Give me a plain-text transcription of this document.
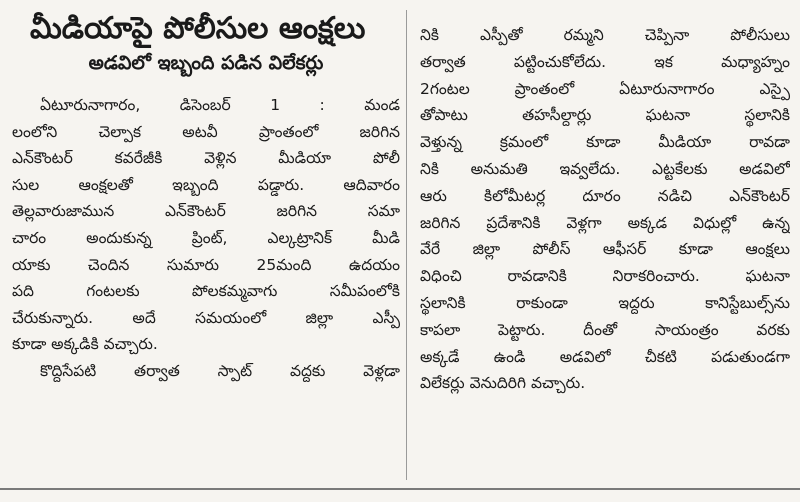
మీడియాపై పోలీసుల ఆంక్షలు
అడవిలో ఇబ్బంది పడిన విలేకర్లు
ఏటూరునాగారం, డిసెంబర్ 1 : మండ
లంలోని చెల్పాక అటవీ ప్రాంతంలో జరిగిన
ఎన్‌కౌంటర్ కవరేజీకి వెళ్లిన మీడియా పోలీ
సుల ఆంక్షలతో ఇబ్బంది పడ్డారు. ఆదివారం
తెల్లవారుజామున ఎన్‌కౌంటర్ జరిగిన సమా
చారం అందుకున్న ప్రింట్, ఎల్కట్రానిక్ మీడి
యాకు చెందిన సుమారు 25మంది ఉదయం
పది గంటలకు పోలకమ్మవాగు సమీపంలోకి
చేరుకున్నారు. అదే సమయంలో జిల్లా ఎస్పీ
కూడా అక్కడికి వచ్చారు.
కొద్దిసేపటి తర్వాత స్పాట్ వద్దకు వెళ్లడా
నికి ఎస్పీతో రమ్మని చెప్పినా పోలీసులు
తర్వాత పట్టించుకోలేదు. ఇక మధ్యాహ్నం
2గంటల ప్రాంతంలో ఏటూరునాగారం ఎస్పై
తోపాటు తహసీల్దార్లు ఘటనా స్థలానికి
వెళ్తున్న క్రమంలో కూడా మీడియా రావడా
నికి అనుమతి ఇవ్వలేదు. ఎట్టకేలకు అడవిలో
ఆరు కిలోమీటర్ల దూరం నడిచి ఎన్‌కౌంటర్
జరిగిన ప్రదేశానికి వెళ్లగా అక్కడ విధుల్లో ఉన్న
వేరే జిల్లా పోలీస్ ఆఫీసర్ కూడా ఆంక్షలు
విధించి రావడానికి నిరాకరించారు. ఘటనా
స్థలానికి రాకుండా ఇద్దరు కానిస్టేబుల్స్‌ను
కాపలా పెట్టారు. దీంతో సాయంత్రం వరకు
అక్కడే ఉండి అడవిలో చీకటి పడుతుండగా
విలేకర్లు వెనుదిరిగి వచ్చారు.
